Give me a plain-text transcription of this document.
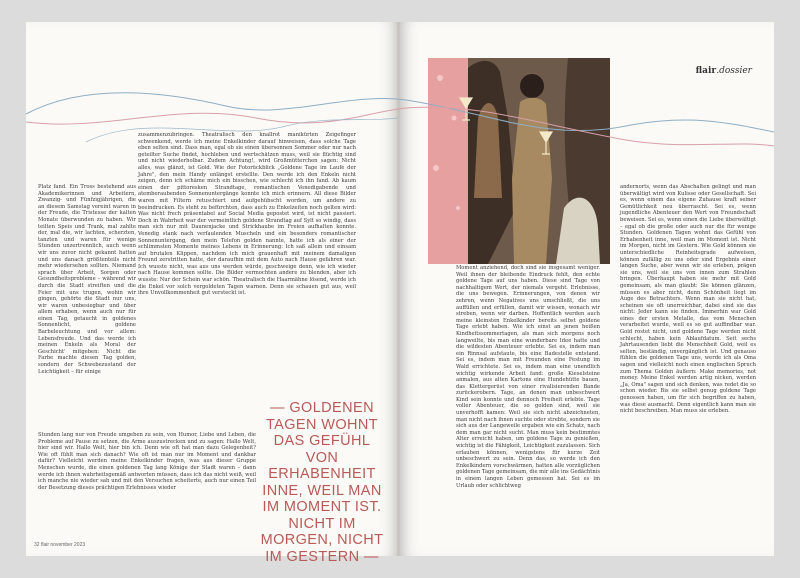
Platz fand. Ein Tross bestehend aus Akademikerinnen und Arbeitern, Zwanzig- und Fünfzigjährigen, die an diesem Samstag vereint waren in der Freude, die Tristesse der kalten Monate überwunden zu haben. Wir teilten Speis und Trank, mal zahlte der, mal die, wir lachten, scherzten, tanzten und waren für wenige Stunden unzertrennlich, auch wenn wir uns zuvor nicht gekannt hatten und uns danach größtenteils nicht mehr wiedersehen sollten. Niemand sprach über Arbeit, Sorgen oder Gesundheitsprobleme – während wir durch die Stadt streiften und die Feier mit uns trugen, wohin wir gingen, gehörte die Stadt nur uns, wir waren unbesiegbar und über allem erhaben, wenn auch nur für einen Tag, getaucht in goldenes Sonnenlicht, goldene Barbeleuchtung und vor allem: Lebensfreude. Und das werde ich meinen Enkeln als Moral der Geschicht' mitgeben: Nicht die Farbe machte diesen Tag golden, sondern der Schwebezustand der Leichtigkeit – für einige

zusammenzubringen. Theatralisch den knallrot manikürten Zeigefinger schwenkend, werde ich meine Enkelkinder darauf hinweisen, dass solche Tage eben selten sind. Dass man, egal ob sie einen übersonnen Sommer oder nur nach geteilter Suche findet, hochleben und wertschätzen muss, weil sie flüchtig sind und nicht wiederholbar. Zudem Achtung!, wird Großmütterchen sagen: Nicht alles, was glänzt, ist Gold. Wie der Fotorückblick „Goldene Tage im Laufe der Jahre", den mein Handy unlängst erstellte. Den werde ich den Enkeln nicht zeigen, denn ich schäme mich ein bisschen, wie schlecht ich ihn fand. Ab kaum einen der pittoresken Strandtage, romantischen Venedigabende und atemberaubenden Sonnenuntergänge konnte ich mich erinnern. All diese Bilder waren mit Filtern retuschiert und aufgehübscht worden, um andere zu beeindrucken. Es steht zu befürchten, dass auch zu Enkelzeiten noch gelten wird: Was nicht frech präsentabel auf Social Media gepostet wird, ist nicht passiert. Doch in Wahrheit war der vermeintlich goldene Strandtag auf Sylt so windig, dass man sich nur mit Daunenjacke und Strickhaube im Freien aufhalten konnte. Venedig stank nach verfaulenden Muscheln und ein besonders romantischer Sonnenuntergang, den mein Telefon golden nannte, hatte ich als einer der schlimmsten Momente meines Lebens in Erinnerung: Ich saß allein und einsam auf brutalen Klippen, nachdem ich mich grauenhaft mit meinem damaligen Freund zerstritten hatte, der daraufhin mit dem Auto nach Hause gefahren war. Ich wusste nicht, was aus uns werden würde, geschweige denn, wie ich wieder nach Hause kommen sollte. Die Bilder vermochten andere zu blenden, aber ich wusste: Nur der Schein war schön. Theatralisch die Haarmähne lösend, werde ich die Enkel vor solch vergoldeten Tagen warnen. Denn sie schauen gut aus, weil ihre Unvollkommenheit gut versteckt ist.

Stunden lang nur von Freude umgeben zu sein, von Humor, Liebe und Leben, die Probleme auf Pause zu setzen, die Arme auszustrecken und zu sagen: Hallo Welt, hier sind wir. Hallo Welt, hier bin ich. Denn wie oft hat man dazu Gelegenheit? Wie oft fühlt man sich danach? Wie oft ist man nur im Moment und dankbar dafür? Vielleicht werden meine Enkelkinder fragen, was aus dieser Gruppe Menschen wurde, die einen goldenen Tag lang Könige der Stadt waren – dann werde ich ihnen wahrheitsgemäß antworten müssen, dass ich das nicht weiß, weil ich manche nie wieder sah und mit den Versuchen scheiterte, auch nur einen Teil der Besetzung dieses prächtigen Erlebnisses wieder

— GOLDENEN TAGEN WOHNT DAS GEFÜHL VON ERHABENHEIT INNE, WEIL MAN IM MOMENT IST. NICHT IM MORGEN, NICHT IM GESTERN —
32 flair november 2023
flair.dossier

Moment anziehend, doch sind sie insgesamt weniger. Weil ihnen der bleibende Eindruck fehlt, den echte goldene Tage auf uns haben. Diese sind Tage von nachhaltigem Wert, der niemals vergeht. Erlebnisse, die uns bewegen. Erinnerungen, von denen wir zehren, wenn Negatives uns umschließt, die uns auffüllen und erfüllen, damit wir wissen, wonach wir streben, wenn wir darben. Hoffentlich werden auch meine kleinsten Enkelkinder bereits selbst goldene Tage erlebt haben. Wie ich einst an jenen heißen Kindheitssommertagen, als man sich morgens noch langweilte, bis man eine wunderbare Idee hatte und die wildesten Abenteuer erlebte. Sei es, indem man ein Rinnsal aufstaute, bis eine Badestelle entstand. Sei es, indem man mit Freunden eine Festung im Wald errichtete. Sei es, indem man eine unendlich wichtig wirkende Arbeit fand: große Kieselsteine anmalen, aus alten Kartons eine Hundehütte bauen, das Klettergerüst von einer rivalisierenden Bande zurückerobern. Tage, an denen man unbeschwert Kind sein konnte und dennoch Freiheit erlebte. Tage voller Abenteuer, die so golden sind, weil sie unverhofft kamen: Weil sie sich nicht abzeichneten, man nicht nach ihnen suchte oder strebte, sondern sie sich aus der Langeweile ergaben wie ein Schatz, nach dem man gar nicht sucht. Man muss kein bestimmtes Alter erreicht haben, um goldene Tage zu genießen, wichtig ist die Fähigkeit, Leichtigkeit zuzulassen. Sich erlauben können, wenigstens für kurze Zeit unbeschwert zu sein. Denn das, so werde ich den Enkelkindern vorschwärmen, hatten alle vorzüglichen goldenen Tage gemeinsam, die mir alle ins Gedächtnis in einem langen Leben gemessen hat. Sei es im Urlaub oder schlichtweg

andernorts, wenn das Abschalten gelingt und man überwältigt wird von Kulisse oder Gesellschaft. Sei es, wenn einem das eigene Zuhause kraft seiner Gemütlichkeit neu überrascht. Sei es, wenn jugendliche Abenteuer den Wert von Freundschaft beweisen. Sei es, wenn einen die Liebe überwältigt – egal ob die große oder auch nur die für wenige Stunden. Goldenen Tagen wohnt das Gefühl von Erhabenheit inne, weil man im Moment ist. Nicht im Morgen, nicht im Gestern. Wie Gold können sie unterschiedliche Reinheitsgrade aufweisen, können zufällig zu uns oder sind Ergebnis einer langen Suche, aber wenn wir sie erleben, prägen sie uns, weil sie uns von innen zum Strahlen bringen. Überhaupt haben sie mehr mit Gold gemeinsam, als man glaubt: Sie können glänzen, müssen es aber nicht, denn Schönheit liegt im Auge des Betrachters. Wenn man sie nicht hat, scheinen sie oft unerreichbar, dabei sind sie das nicht: Jeder kann sie finden. Immerhin war Gold eines der ersten Metalle, das vom Menschen verarbeitet wurde, weil es so gut auffindbar war. Gold rostet nicht, und goldene Tage werden nicht schlecht, haben kein Ablaufdatum. Seit sechs Jahrtausenden liebt die Menschheit Gold, weil es selten, beständig, unvergänglich ist. Und genauso fühlen die goldenen Tage uns, werde ich als Oma sagen und vielleicht noch einen englischen Spruch zum Thema Golden äußern: Make memories, not money. Meine Enkel werden artig nicken, werden „Ja, Oma" sagen und sich denken, was redet die so schon wieder. Bis sie selbst genug goldene Tage genossen haben, um für sich begriffen zu haben, was diese ausmacht. Denn eigentlich kann man sie nicht beschreiben. Man muss sie erleben.
